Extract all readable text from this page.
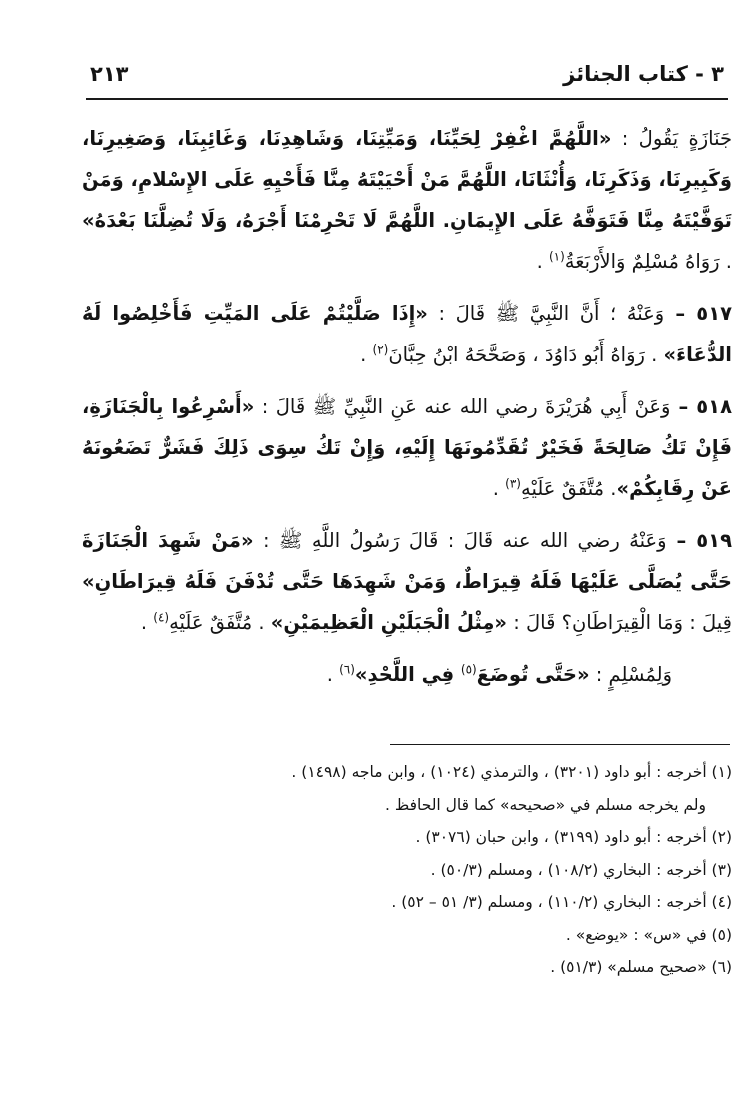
٣ - كتاب الجنائز
٢١٣

جَنَازَةٍ يَقُولُ : «اللَّهُمَّ اغْفِرْ لِحَيِّنَا، وَمَيِّتِنَا، وَشَاهِدِنَا، وَغَائِبِنَا، وَصَغِيرِنَا، وَكَبِيرِنَا، وَذَكَرِنَا، وَأُنْثَانَا، اللَّهُمَّ مَنْ أَحْيَيْتَهُ مِنَّا فَأَحْيِهِ عَلَى الإِسْلامِ، وَمَنْ تَوَفَّيْتَهُ مِنَّا فَتَوَفَّهُ عَلَى الإِيمَانِ. اللَّهُمَّ لَا تَحْرِمْنَا أَجْرَهُ، وَلَا تُضِلَّنَا بَعْدَهُ» . رَوَاهُ مُسْلِمٌ وَالأَرْبَعَةُ$^{(١)}$ .

٥١٧ – وَعَنْهُ ؛ أَنَّ النَّبِيَّ ﷺ قَالَ : «إِذَا صَلَّيْتُمْ عَلَى المَيِّتِ فَأَخْلِصُوا لَهُ الدُّعَاءَ» . رَوَاهُ أَبُو دَاوُدَ ، وَصَحَّحَهُ ابْنُ حِبَّانَ$^{(٢)}$ .

٥١٨ – وَعَنْ أَبِي هُرَيْرَةَ رضي الله عنه عَنِ النَّبِيِّ ﷺ قَالَ : «أَسْرِعُوا بِالْجَنَازَةِ، فَإِنْ تَكُ صَالِحَةً فَخَيْرٌ تُقَدِّمُونَهَا إِلَيْهِ، وَإِنْ تَكُ سِوَى ذَلِكَ فَشَرٌّ تَضَعُونَهُ عَنْ رِقَابِكُمْ». مُتَّفَقٌ عَلَيْهِ$^{(٣)}$ .

٥١٩ – وَعَنْهُ رضي الله عنه قَالَ : قَالَ رَسُولُ اللَّهِ ﷺ : «مَنْ شَهِدَ الْجَنَازَةَ حَتَّى يُصَلَّى عَلَيْهَا فَلَهُ قِيرَاطٌ، وَمَنْ شَهِدَهَا حَتَّى تُدْفَنَ فَلَهُ قِيرَاطَانِ» قِيلَ : وَمَا الْقِيرَاطَانِ؟ قَالَ : «مِثْلُ الْجَبَلَيْنِ الْعَظِيمَيْنِ» . مُتَّفَقٌ عَلَيْهِ$^{(٤)}$ .

وَلِمُسْلِمٍ : «حَتَّى تُوضَعَ$^{(٥)}$ فِي اللَّحْدِ»$^{(٦)}$ .

(١) أخرجه : أبو داود (٣٢٠١) ، والترمذي (١٠٢٤) ، وابن ماجه (١٤٩٨) .
ولم يخرجه مسلم في «صحيحه» كما قال الحافظ .
(٢) أخرجه : أبو داود (٣١٩٩) ، وابن حبان (٣٠٧٦) .
(٣) أخرجه : البخاري (١٠٨/٢) ، ومسلم (٥٠/٣) .
(٤) أخرجه : البخاري (١١٠/٢) ، ومسلم (٣/ ٥١ – ٥٢) .
(٥) في «س» : «يوضع» .
(٦) «صحيح مسلم» (٥١/٣) .
